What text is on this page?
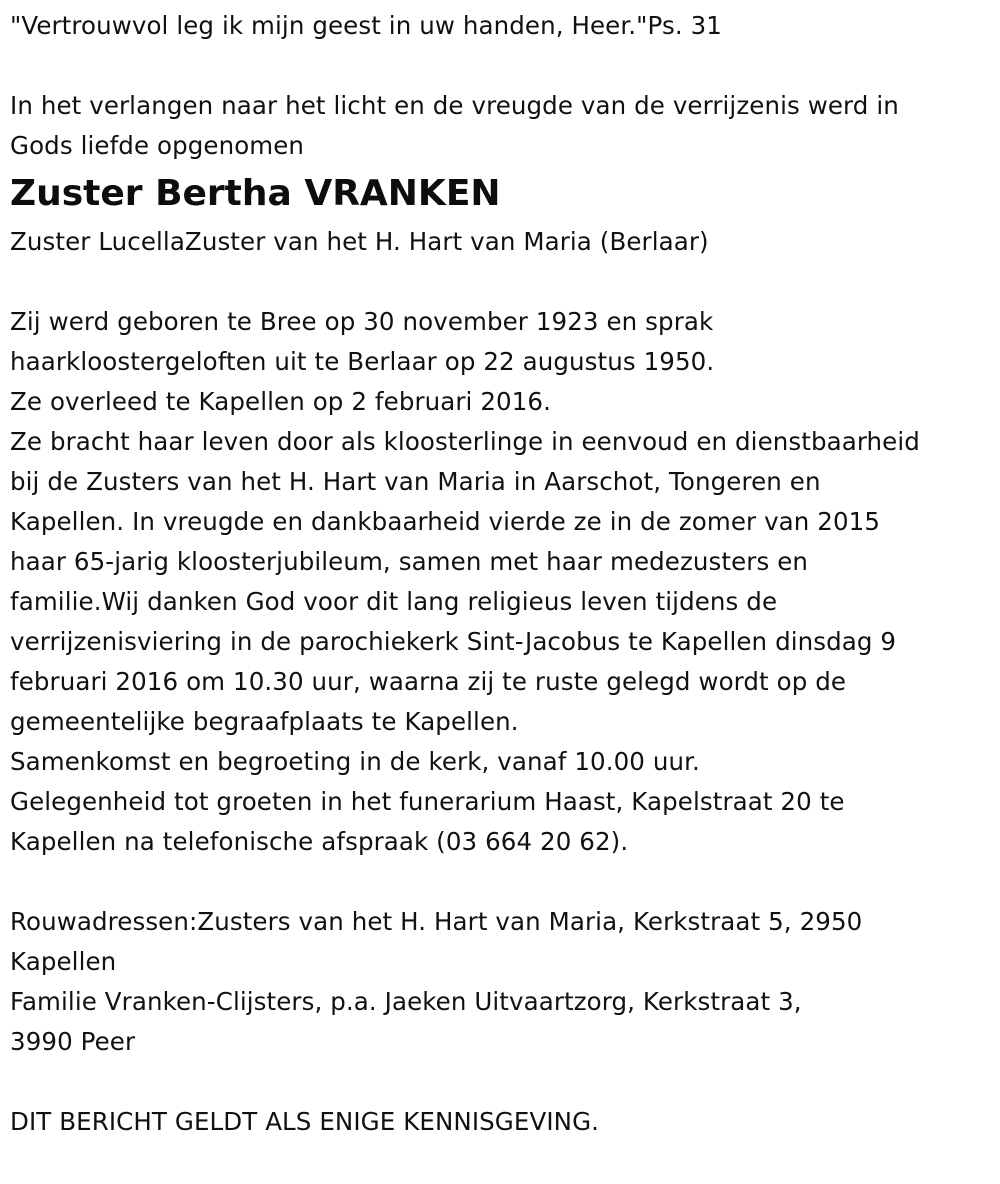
"Vertrouwvol leg ik mijn geest in uw handen, Heer."Ps. 31

In het verlangen naar het licht en de vreugde van de verrijzenis werd in

Gods liefde opgenomen

Zuster Bertha VRANKEN

Zuster LucellaZuster van het H. Hart van Maria (Berlaar)

Zij werd geboren te Bree op 30 november 1923 en sprak

haarkloostergeloften uit te Berlaar op 22 augustus 1950.

Ze overleed te Kapellen op 2 februari 2016.

Ze bracht haar leven door als kloosterlinge in eenvoud en dienstbaarheid

bij de Zusters van het H. Hart van Maria in Aarschot, Tongeren en

Kapellen. In vreugde en dankbaarheid vierde ze in de zomer van 2015

haar 65-jarig kloosterjubileum, samen met haar medezusters en

familie.Wij danken God voor dit lang religieus leven tijdens de

verrijzenisviering in de parochiekerk Sint-Jacobus te Kapellen dinsdag 9

februari 2016 om 10.30 uur, waarna zij te ruste gelegd wordt op de

gemeentelijke begraafplaats te Kapellen.

Samenkomst en begroeting in de kerk, vanaf 10.00 uur.

Gelegenheid tot groeten in het funerarium Haast, Kapelstraat 20 te

Kapellen na telefonische afspraak (03 664 20 62).

Rouwadressen:Zusters van het H. Hart van Maria, Kerkstraat 5, 2950

Kapellen

Familie Vranken-Clijsters, p.a. Jaeken Uitvaartzorg, Kerkstraat 3,

3990 Peer

DIT BERICHT GELDT ALS ENIGE KENNISGEVING.
